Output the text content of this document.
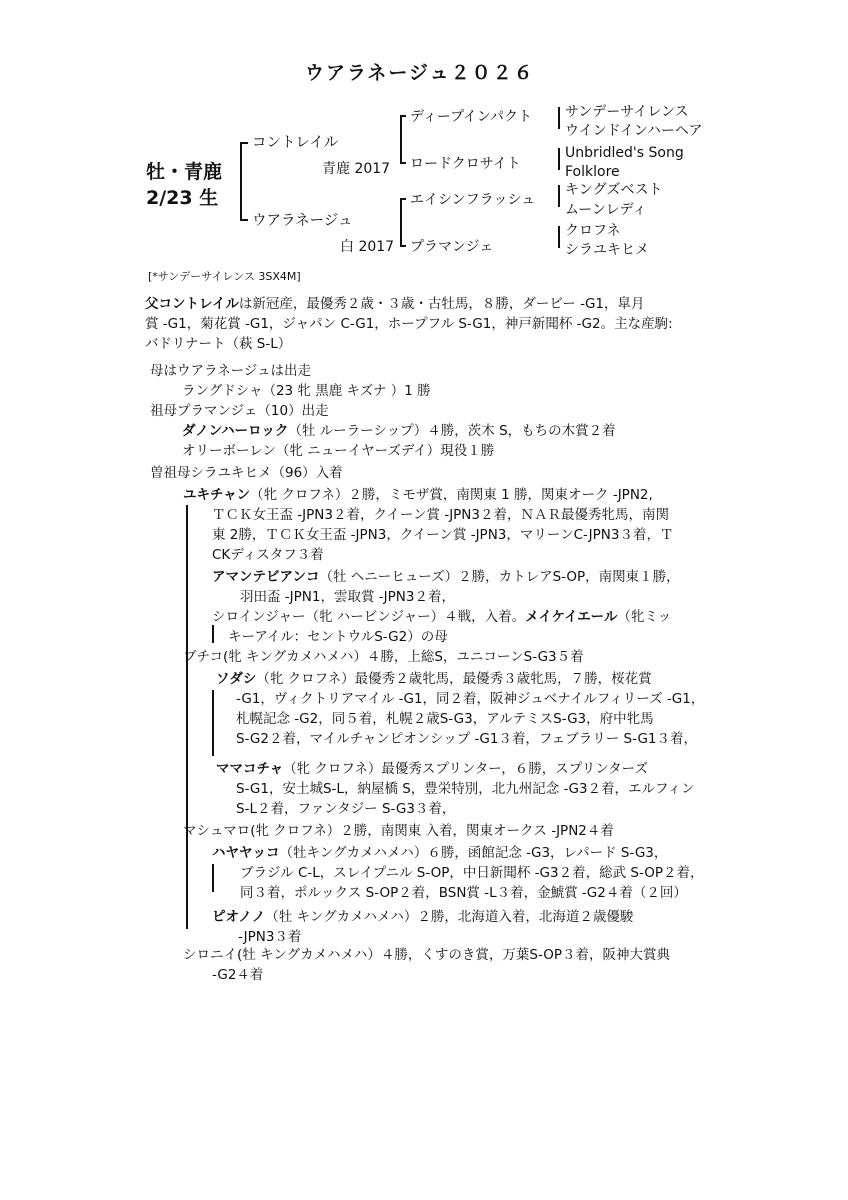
ウアラネージュ２０２６
牡・青鹿
2/23 生
コントレイル
青鹿 2017
ウアラネージュ
白 2017
ディープインパクト
ロードクロサイト
エイシンフラッシュ
プラマンジェ
サンデーサイレンス
ウインドインハーヘア
Unbridled's Song
Folklore
キングズベスト
ムーンレディ
クロフネ
シラユキヒメ
[*サンデーサイレンス 3SX4M]
父コントレイルは新冠産，最優秀２歳・３歳・古牡馬，８勝，ダービー -G1，皐月
賞 -G1，菊花賞 -G1，ジャパン C-G1，ホープフル S-G1，神戸新聞杯 -G2。主な産駒:
バドリナート（萩 S-L）
母はウアラネージュは出走
ラングドシャ（23 牝 黒鹿 キズナ ）1 勝
祖母プラマンジェ（10）出走
ダノンハーロック（牡 ルーラーシップ）４勝，茨木 S，もちの木賞２着
オリーボーレン（牝 ニューイヤーズデイ）現役１勝
曽祖母シラユキヒメ（96）入着
ユキチャン（牝 クロフネ）２勝，ミモザ賞，南関東 1 勝，関東オーク -JPN2,
ＴＣＫ女王盃 -JPN3２着，クイーン賞 -JPN3２着，ＮＡＲ最優秀牝馬，南関
東 2勝，ＴＣＫ女王盃 -JPN3，クイーン賞 -JPN3，マリーンC-JPN3３着，Ｔ
CKディスタフ３着
アマンテビアンコ（牡 ヘニーヒューズ）２勝，カトレアS-OP，南関東１勝，
羽田盃 -JPN1，雲取賞 -JPN3２着，
シロインジャー（牝 ハービンジャー）４戦，入着。メイケイエール（牝ミッ
キーアイル：セントウルS-G2）の母
ブチコ(牝 キングカメハメハ）４勝，上総S，ユニコーンS-G3５着
ソダシ（牝 クロフネ）最優秀２歳牝馬，最優秀３歳牝馬，７勝，桜花賞
-G1，ヴィクトリアマイル -G1，同２着，阪神ジュベナイルフィリーズ -G1，
札幌記念 -G2，同５着，札幌２歳S-G3，アルテミスS-G3，府中牝馬
S-G2２着，マイルチャンピオンシップ -G1３着，フェブラリー S-G1３着，
ママコチャ（牝 クロフネ）最優秀スプリンター，６勝，スプリンターズ
S-G1，安土城S-L，納屋橋 S，豊栄特別，北九州記念 -G3２着，エルフィン
S-L２着，ファンタジー S-G3３着，
マシュマロ(牝 クロフネ）２勝，南関東 入着，関東オークス -JPN2４着
ハヤヤッコ（牡キングカメハメハ）６勝，函館記念 -G3，レパード S-G3，
ブラジル C-L，スレイプニル S-OP，中日新聞杯 -G3２着，総武 S-OP２着，
同３着，ポルックス S-OP２着，BSN賞 -L３着，金鯱賞 -G2４着（２回）
ピオノノ（牡 キングカメハメハ）２勝，北海道入着，北海道２歳優駿
-JPN3３着
シロニイ(牡 キングカメハメハ）４勝，くすのき賞，万葉S-OP３着，阪神大賞典
-G2４着
